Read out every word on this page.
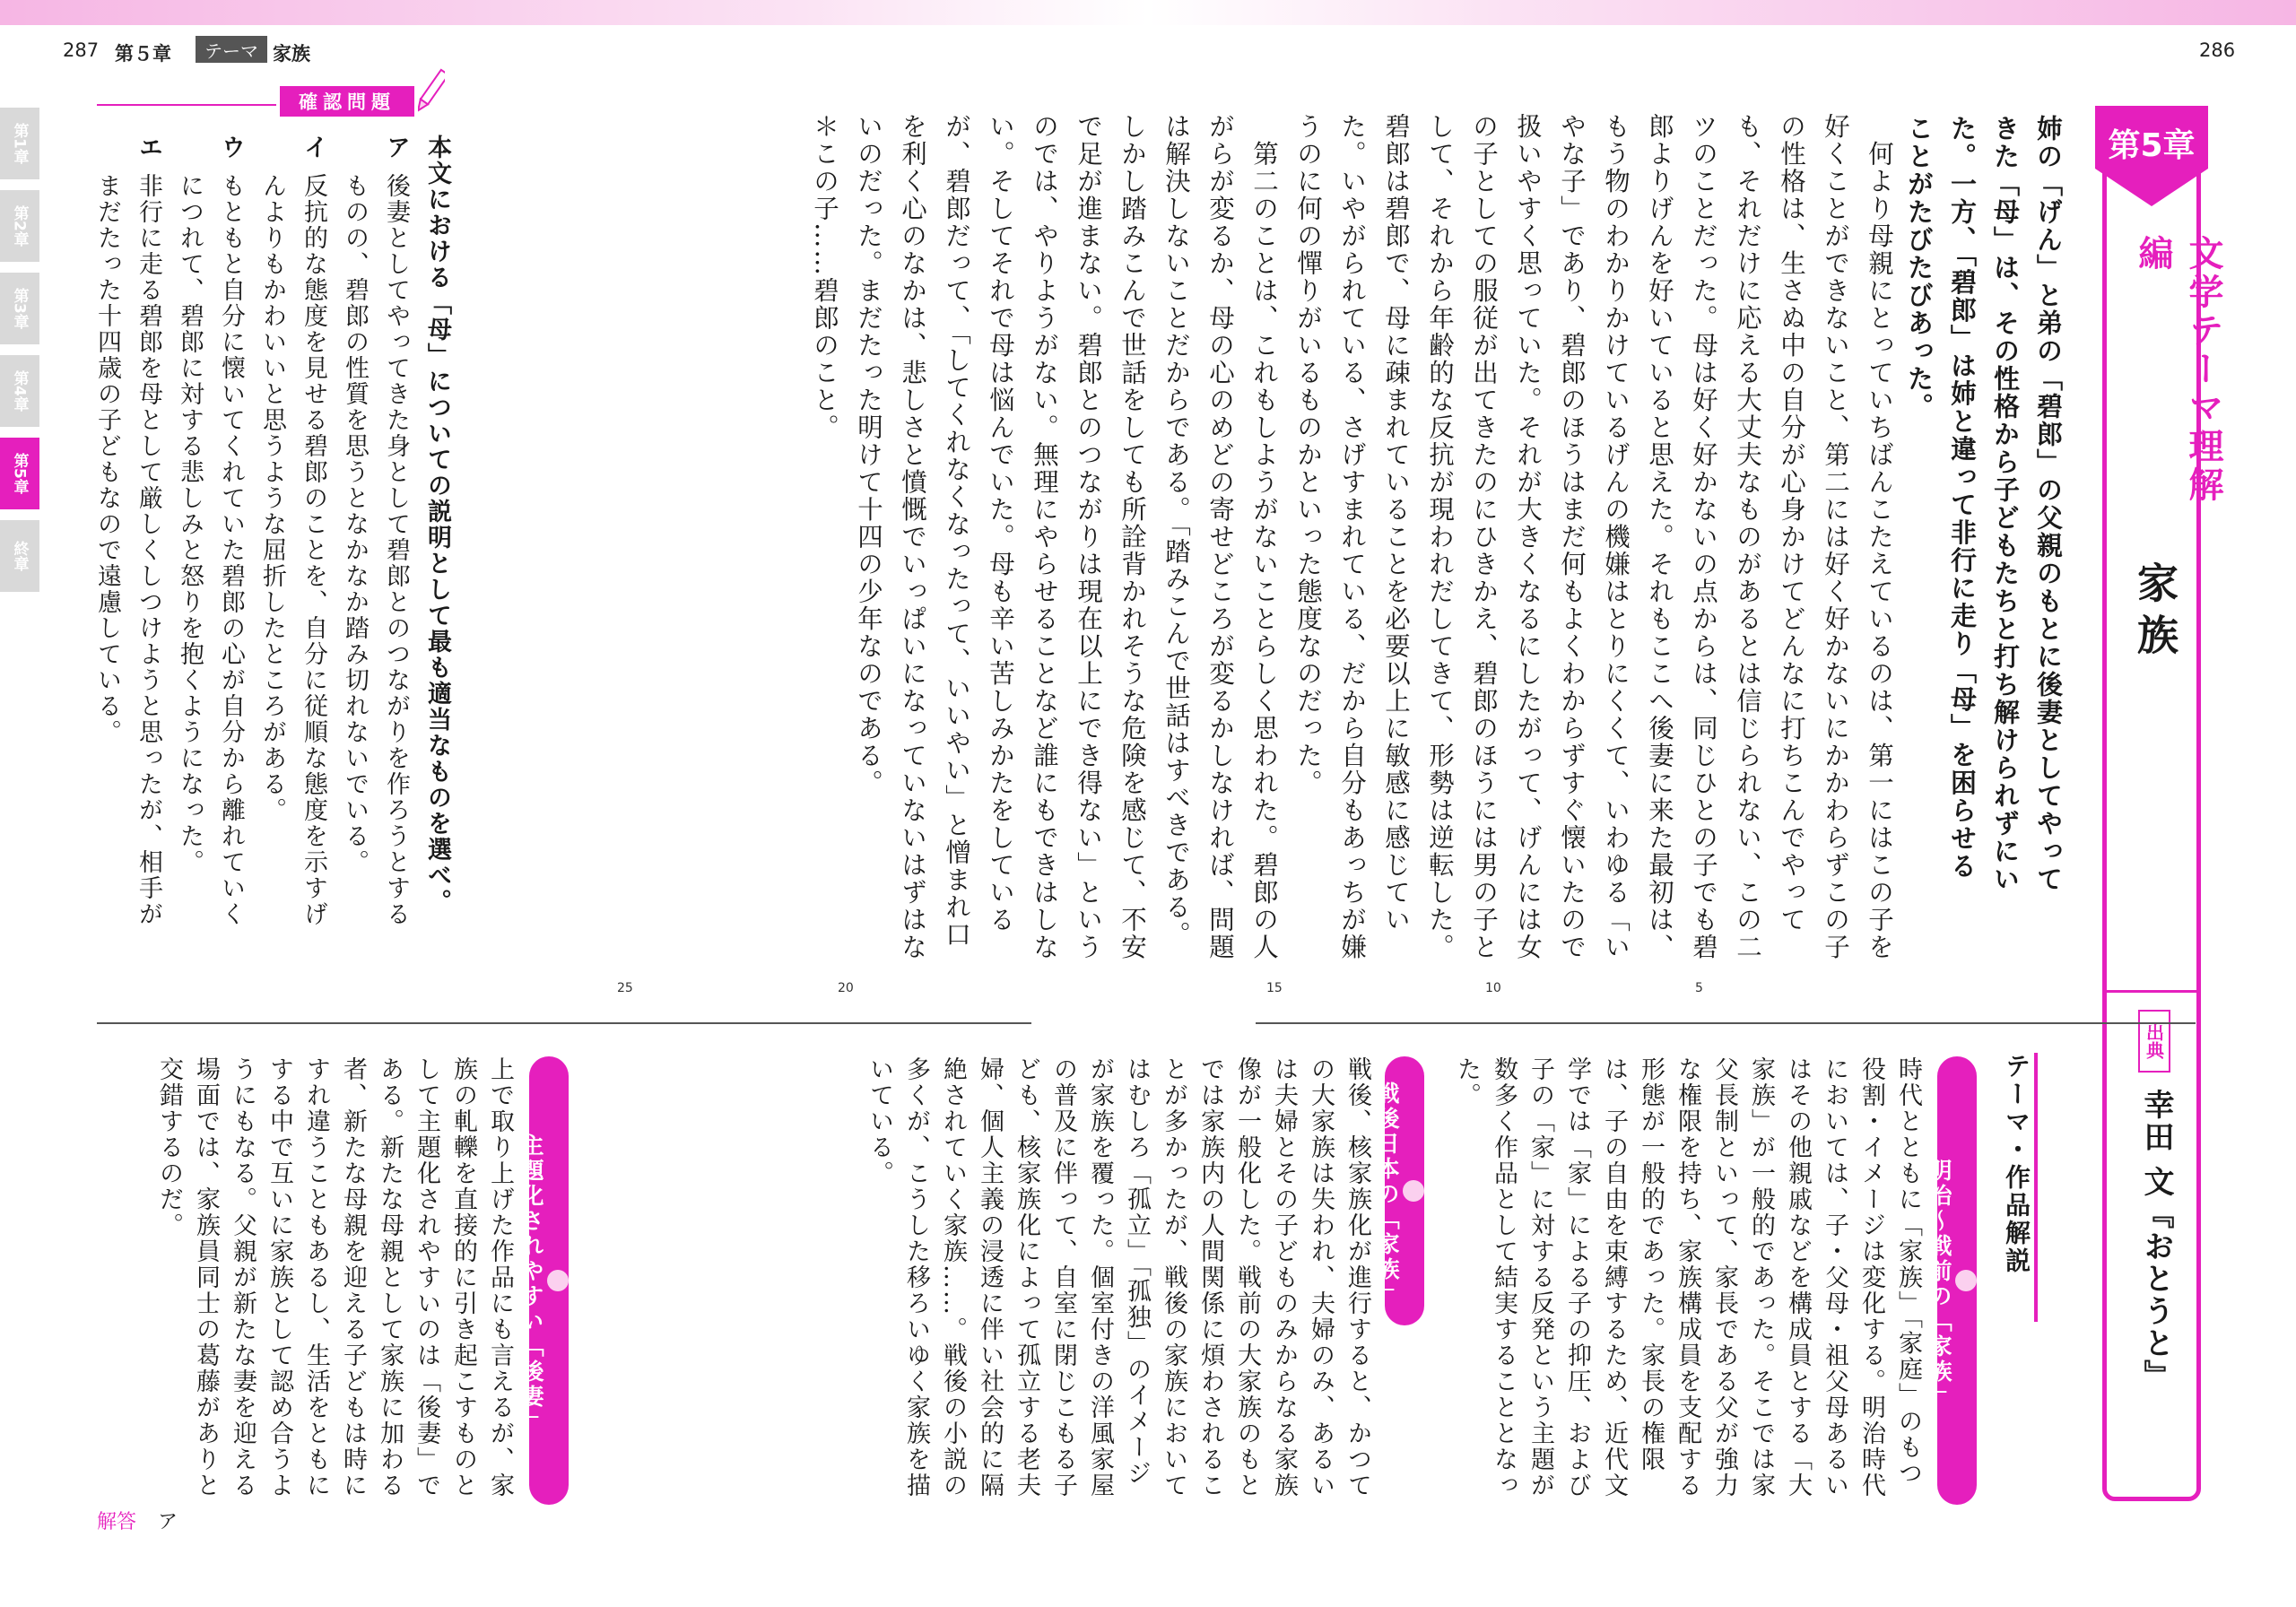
287 第５章	テーマ 家族	286
第1章
第2章
第3章
第4章
第5章
終章
確認問題
本文における「母」についての説明として最も適当なものを選べ。
ア
後妻としてやってきた身として碧郎とのつながりを作ろうとするものの、碧郎の性質を思うとなかなか踏み切れないでいる。
イ
反抗的な態度を見せる碧郎のことを、自分に従順な態度を示すげんよりもかわいいと思うような屈折したところがある。
ウ
もともと自分に懐いてくれていた碧郎の心が自分から離れていくにつれて、碧郎に対する悲しみと怒りを抱くようになった。
エ
非行に走る碧郎を母として厳しくしつけようと思ったが、相手がまだたった十四歳の子どもなので遠慮している。
第5章
文学テーマ理解編
家族
出典
幸田 文『おとうと』
姉の「げん」と弟の「碧郎」の父親のもとに後妻としてやってきた「母」は、その性格から子どもたちと打ち解けられずにいた。一方、「碧郎」は姉と違って非行に走り「母」を困らせることがたびたびあった。

　何より母親にとっていちばんこたえているのは、第一にはこの子を好くことができないこと、第二には好く好かないにかかわらずこの子の性格は、生さぬ中の自分が心身かけてどんなに打ちこんでやっても、それだけに応える大丈夫なものがあるとは信じられない、この二ツのことだった。母は好く好かないの点からは、同じひとの子でも碧郎よりげんを好いていると思えた。それもここへ後妻に来た最初は、もう物のわかりかけているげんの機嫌はとりにくくて、いわゆる「いやな子」であり、碧郎のほうはまだ何もよくわからずすぐ懐いたので扱いやすく思っていた。それが大きくなるにしたがって、げんには女の子としての服従が出てきたのにひきかえ、碧郎のほうには男の子として、それから年齢的な反抗が現われだしてきて、形勢は逆転した。碧郎は碧郎で、母に疎まれていることを必要以上に敏感に感じていた。いやがられている、さげすまれている、だから自分もあっちが嫌うのに何の憚りがいるものかといった態度なのだった。

　第二のことは、これもしようがないことらしく思われた。碧郎の人がらが変るか、母の心のめどの寄せどころが変るかしなければ、問題は解決しないことだからである。「踏みこんで世話はすべきである。しかし踏みこんで世話をしても所詮背かれそうな危険を感じて、不安で足が進まない。碧郎とのつながりは現在以上にでき得ない」というのでは、やりようがない。無理にやらせることなど誰にもできはしない。そしてそれで母は悩んでいた。母も辛い苦しみかたをしているが、碧郎だって、「してくれなくなったって、いいやい」と憎まれ口を利く心のなかは、悲しさと憤慨でいっぱいになっていないはずはないのだった。まだたった明けて十四の少年なのである。

＊この子……碧郎のこと。

5
10
15
20
25
テーマ・作品解説
明治〜戦前の「家族」
時代とともに「家族」「家庭」のもつ役割・イメージは変化する。明治時代においては、子・父母・祖父母あるいはその他親戚などを構成員とする「大家族」が一般的であった。そこでは家父長制といって、家長である父が強力な権限を持ち、家族構成員を支配する形態が一般的であった。家長の権限は、子の自由を束縛するため、近代文学では「家」による子の抑圧、および子の「家」に対する反発という主題が数多く作品として結実することとなった。
戦後日本の「家族」
戦後、核家族化が進行すると、かつての大家族は失われ、夫婦のみ、あるいは夫婦とその子どものみからなる家族像が一般化した。戦前の大家族のもとでは家族内の人間関係に煩わされることが多かったが、戦後の家族においてはむしろ「孤立」「孤独」のイメージが家族を覆った。個室付きの洋風家屋の普及に伴って、自室に閉じこもる子ども、核家族化によって孤立する老夫婦、個人主義の浸透に伴い社会的に隔絶されていく家族……。戦後の小説の多くが、こうした移ろいゆく家族を描いている。
主題化されやすい「後妻」
上で取り上げた作品にも言えるが、家族の軋轢を直接的に引き起こすものとして主題化されやすいのは「後妻」である。新たな母親として家族に加わる者、新たな母親を迎える子どもは時にすれ違うこともあるし、生活をともにする中で互いに家族として認め合うようにもなる。父親が新たな妻を迎える場面では、家族員同士の葛藤がありと交錯するのだ。
解答 ア
